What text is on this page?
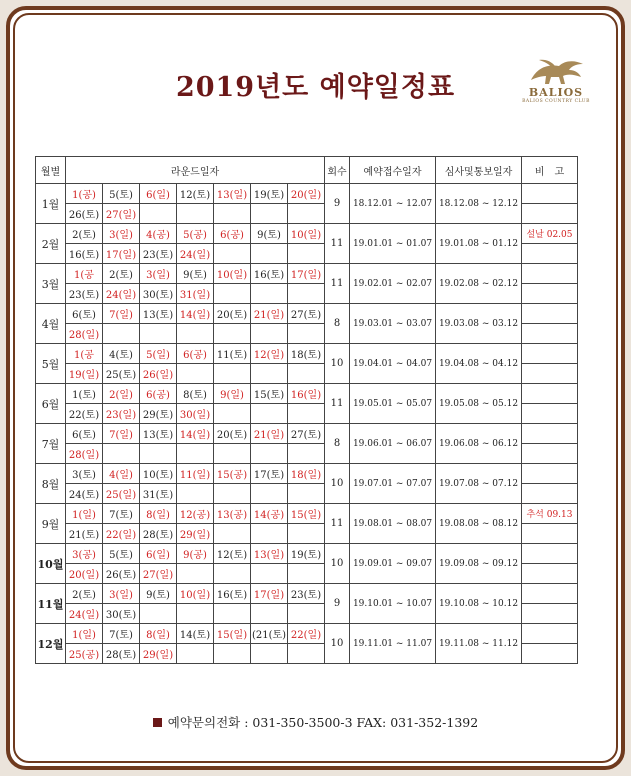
2019년도 예약일정표	BALIOS
BALIOS COUNTRY CLUB
월별	라운드일자							회수	예약접수일자	심사및통보일자	비　고
1월	1(공)	5(토)	6(일)	12(토)	13(일)	19(토)	20(일)	9	18.12.01 ~ 12.07	18.12.08 ~ 12.12	
	26(토)	27(일)									
2월	2(토)	3(일)	4(공)	5(공)	6(공)	9(토)	10(일)	11	19.01.01 ~ 01.07	19.01.08 ~ 01.12	설날 02.05
	16(토)	17(일)	23(토)	24(일)							
3월	1(공	2(토)	3(일)	9(토)	10(일)	16(토)	17(일)	11	19.02.01 ~ 02.07	19.02.08 ~ 02.12	
	23(토)	24(일)	30(토)	31(일)							
4월	6(토)	7(일)	13(토)	14(일)	20(토)	21(일)	27(토)	8	19.03.01 ~ 03.07	19.03.08 ~ 03.12	
	28(일)										
5월	1(공	4(토)	5(일)	6(공)	11(토)	12(일)	18(토)	10	19.04.01 ~ 04.07	19.04.08 ~ 04.12	
	19(일)	25(토)	26(일)								
6월	1(토)	2(일)	6(공)	8(토)	9(일)	15(토)	16(일)	11	19.05.01 ~ 05.07	19.05.08 ~ 05.12	
	22(토)	23(일)	29(토)	30(일)							
7월	6(토)	7(일)	13(토)	14(일)	20(토)	21(일)	27(토)	8	19.06.01 ~ 06.07	19.06.08 ~ 06.12	
	28(일)										
8월	3(토)	4(일)	10(토)	11(일)	15(공)	17(토)	18(일)	10	19.07.01 ~ 07.07	19.07.08 ~ 07.12	
	24(토)	25(일)	31(토)								
9월	1(일)	7(토)	8(일)	12(공)	13(공)	14(공)	15(일)	11	19.08.01 ~ 08.07	19.08.08 ~ 08.12	추석 09.13
	21(토)	22(일)	28(토)	29(일)							
10월	3(공)	5(토)	6(일)	9(공)	12(토)	13(일)	19(토)	10	19.09.01 ~ 09.07	19.09.08 ~ 09.12	
	20(일)	26(토)	27(일)								
11월	2(토)	3(일)	9(토)	10(일)	16(토)	17(일)	23(토)	9	19.10.01 ~ 10.07	19.10.08 ~ 10.12	
	24(일)	30(토)									
12월	1(일)	7(토)	8(일)	14(토)	15(일)	(21(토)	22(일)	10	19.11.01 ~ 11.07	19.11.08 ~ 11.12	
	25(공)	28(토)	29(일)								
예약문의전화 : 031-350-3500-3 FAX: 031-352-1392
